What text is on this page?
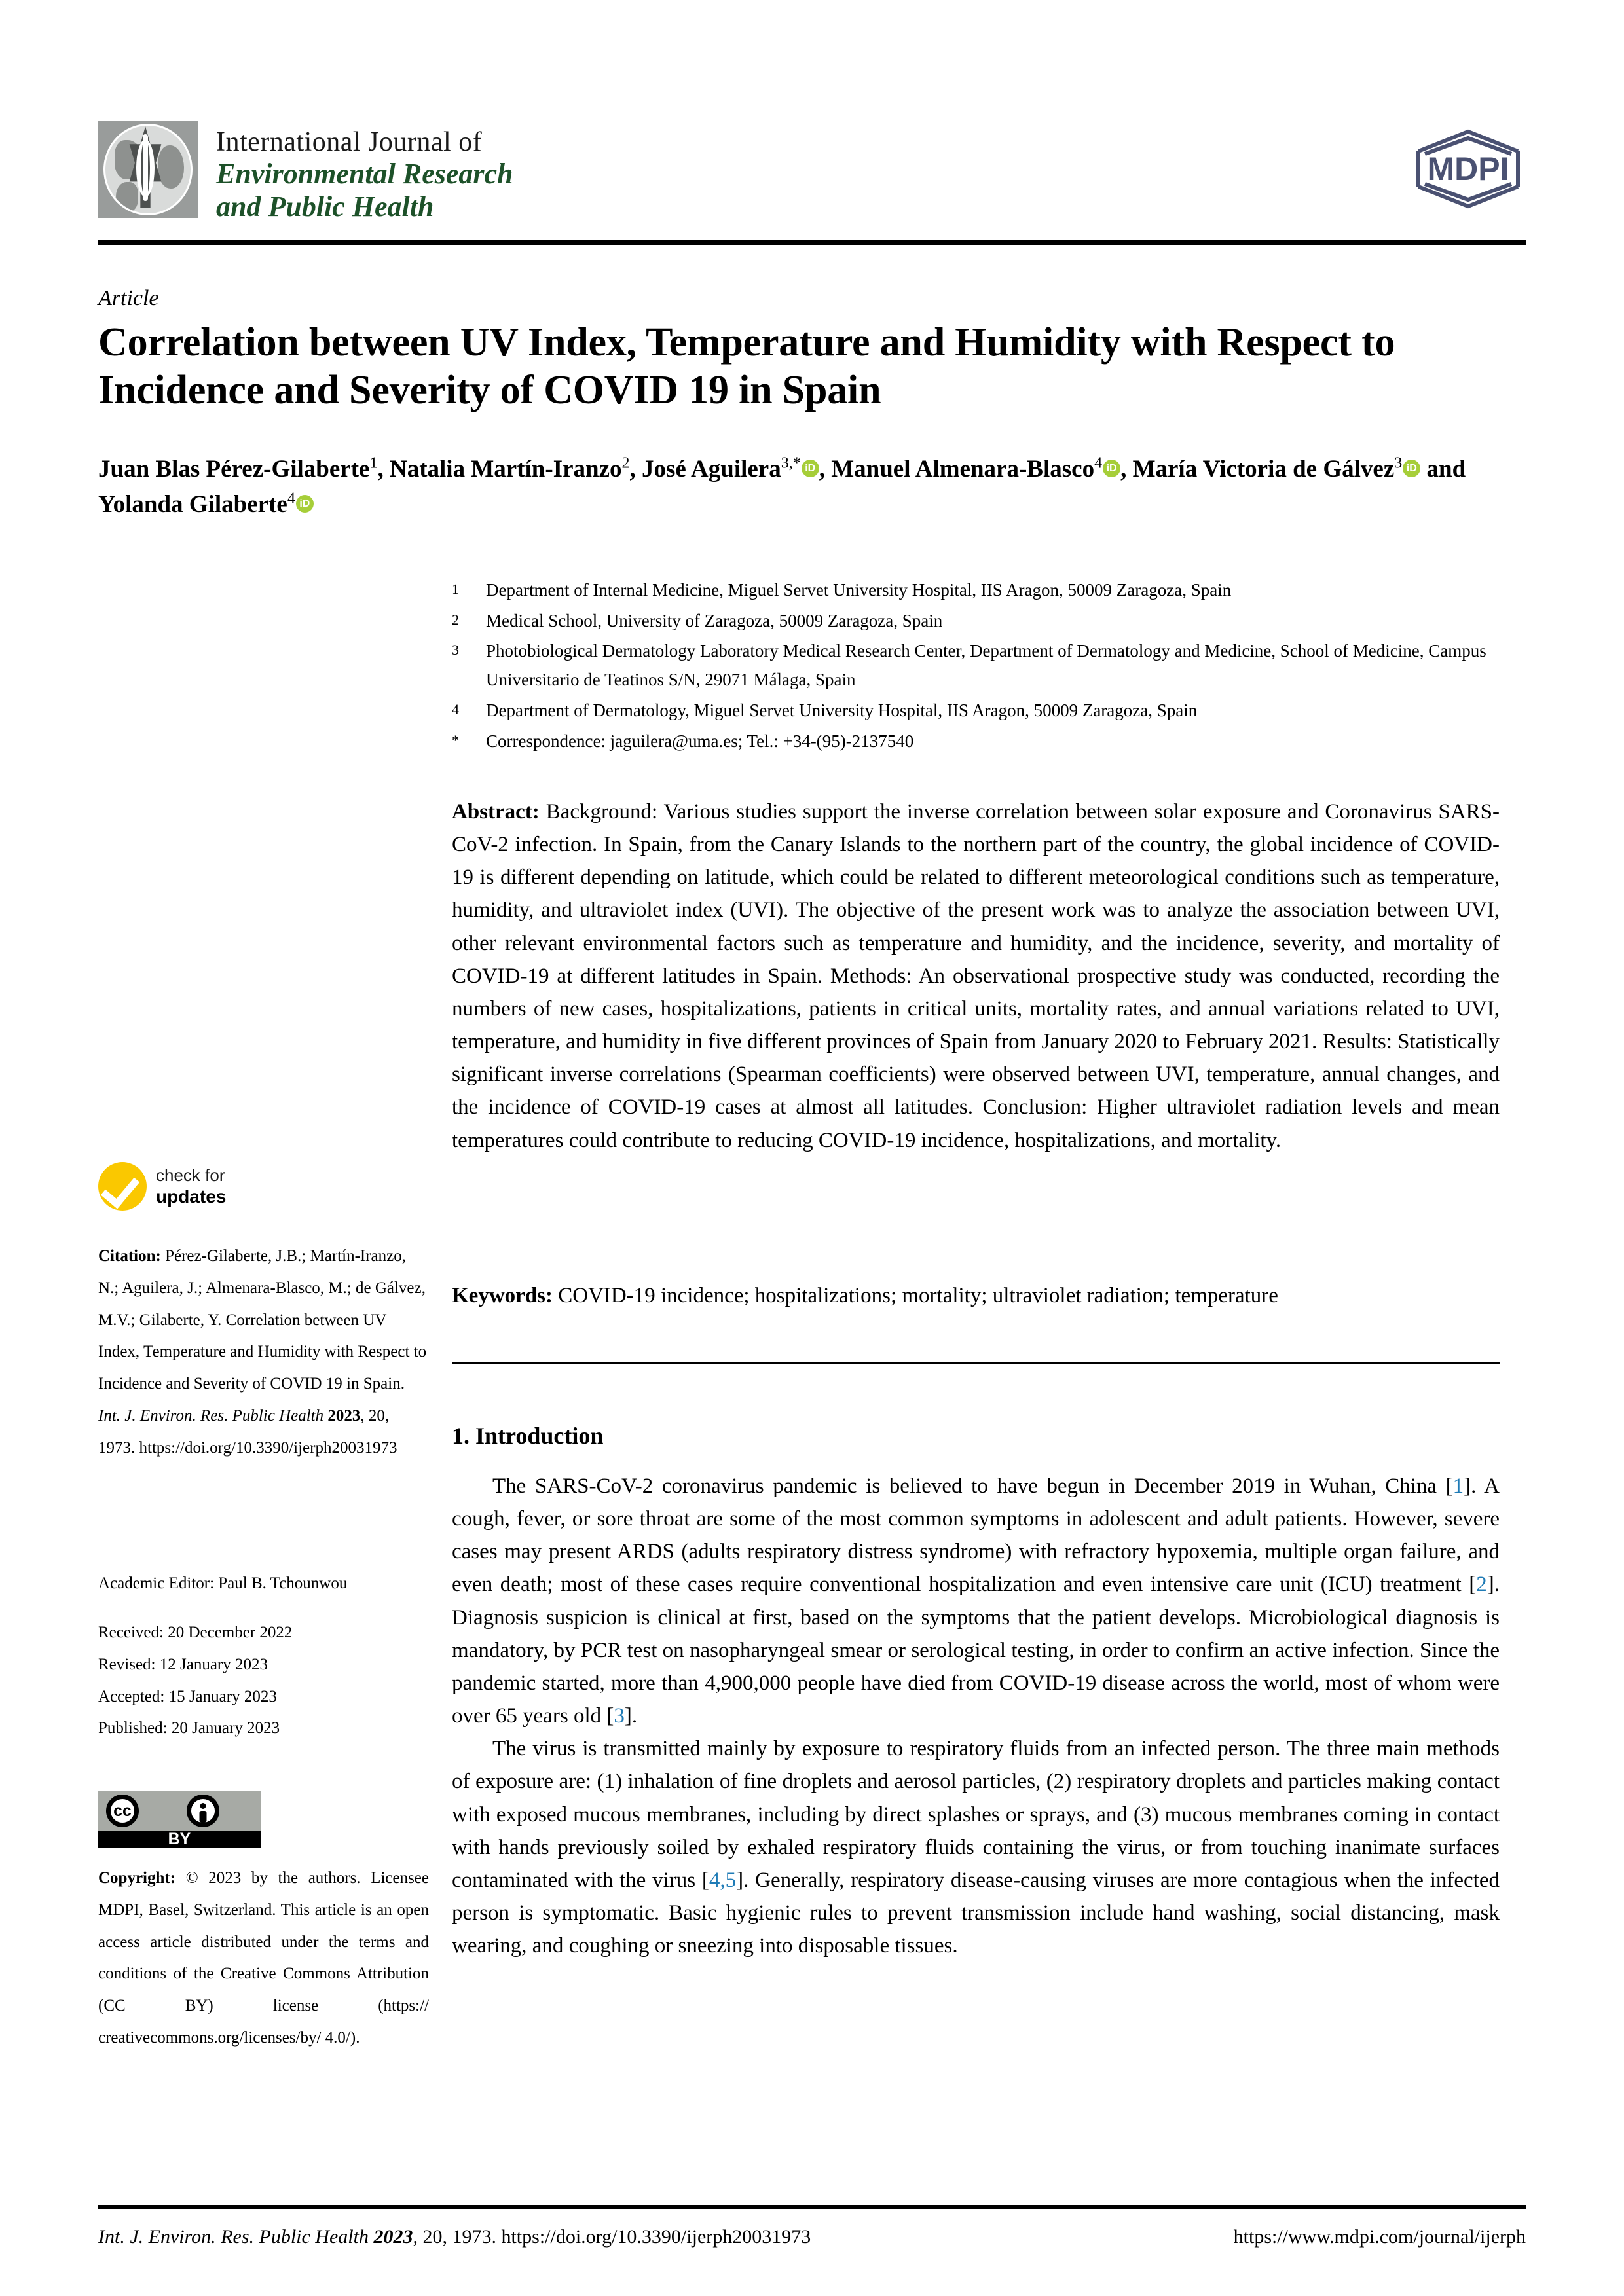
International Journal of
Environmental Research
and Public Health
MDPI
Article
Correlation between UV Index, Temperature and Humidity with Respect to Incidence and Severity of COVID 19 in Spain
Juan Blas Pérez-Gilaberte$^1$, Natalia Martín-Iranzo$^2$, José Aguilera$^{3,*}$ iD , Manuel Almenara-Blasco$^4$ iD , María Victoria de Gálvez$^3$ iD and Yolanda Gilaberte$^4$ iD
1	Department of Internal Medicine, Miguel Servet University Hospital, IIS Aragon, 50009 Zaragoza, Spain
2	Medical School, University of Zaragoza, 50009 Zaragoza, Spain
3	Photobiological Dermatology Laboratory Medical Research Center, Department of Dermatology and Medicine, School of Medicine, Campus Universitario de Teatinos S/N, 29071 Málaga, Spain
4	Department of Dermatology, Miguel Servet University Hospital, IIS Aragon, 50009 Zaragoza, Spain
*	Correspondence: jaguilera@uma.es; Tel.: +34-(95)-2137540
Abstract: Background: Various studies support the inverse correlation between solar exposure and Coronavirus SARS-CoV-2 infection. In Spain, from the Canary Islands to the northern part of the country, the global incidence of COVID-19 is different depending on latitude, which could be related to different meteorological conditions such as temperature, humidity, and ultraviolet index (UVI). The objective of the present work was to analyze the association between UVI, other relevant environmental factors such as temperature and humidity, and the incidence, severity, and mortality of COVID-19 at different latitudes in Spain. Methods: An observational prospective study was conducted, recording the numbers of new cases, hospitalizations, patients in critical units, mortality rates, and annual variations related to UVI, temperature, and humidity in five different provinces of Spain from January 2020 to February 2021. Results: Statistically significant inverse correlations (Spearman coefficients) were observed between UVI, temperature, annual changes, and the incidence of COVID-19 cases at almost all latitudes. Conclusion: Higher ultraviolet radiation levels and mean temperatures could contribute to reducing COVID-19 incidence, hospitalizations, and mortality.
Keywords: COVID-19 incidence; hospitalizations; mortality; ultraviolet radiation; temperature
1. Introduction

The SARS-CoV-2 coronavirus pandemic is believed to have begun in December 2019 in Wuhan, China [1]. A cough, fever, or sore throat are some of the most common symptoms in adolescent and adult patients. However, severe cases may present ARDS (adults respiratory distress syndrome) with refractory hypoxemia, multiple organ failure, and even death; most of these cases require conventional hospitalization and even intensive care unit (ICU) treatment [2]. Diagnosis suspicion is clinical at first, based on the symptoms that the patient develops. Microbiological diagnosis is mandatory, by PCR test on nasopharyngeal smear or serological testing, in order to confirm an active infection. Since the pandemic started, more than 4,900,000 people have died from COVID-19 disease across the world, most of whom were over 65 years old [3].

The virus is transmitted mainly by exposure to respiratory fluids from an infected person. The three main methods of exposure are: (1) inhalation of fine droplets and aerosol particles, (2) respiratory droplets and particles making contact with exposed mucous membranes, including by direct splashes or sprays, and (3) mucous membranes coming in contact with hands previously soiled by exhaled respiratory fluids containing the virus, or from touching inanimate surfaces contaminated with the virus [4,5]. Generally, respiratory disease-causing viruses are more contagious when the infected person is symptomatic. Basic hygienic rules to prevent transmission include hand washing, social distancing, mask wearing, and coughing or sneezing into disposable tissues.

check for
updates
Citation: Pérez-Gilaberte, J.B.; Martín-Iranzo, N.; Aguilera, J.; Almenara-Blasco, M.; de Gálvez, M.V.; Gilaberte, Y. Correlation between UV Index, Temperature and Humidity with Respect to Incidence and Severity of COVID 19 in Spain. Int. J. Environ. Res. Public Health 2023, 20, 1973. https://doi.org/10.3390/ijerph20031973
Academic Editor: Paul B. Tchounwou
Received: 20 December 2022
Revised: 12 January 2023
Accepted: 15 January 2023
Published: 20 January 2023
cc
BY
Copyright: © 2023 by the authors. Licensee MDPI, Basel, Switzerland. This article is an open access article distributed under the terms and conditions of the Creative Commons Attribution (CC BY) license (https:// creativecommons.org/licenses/by/ 4.0/).
Int. J. Environ. Res. Public Health 2023, 20, 1973. https://doi.org/10.3390/ijerph20031973	https://www.mdpi.com/journal/ijerph
